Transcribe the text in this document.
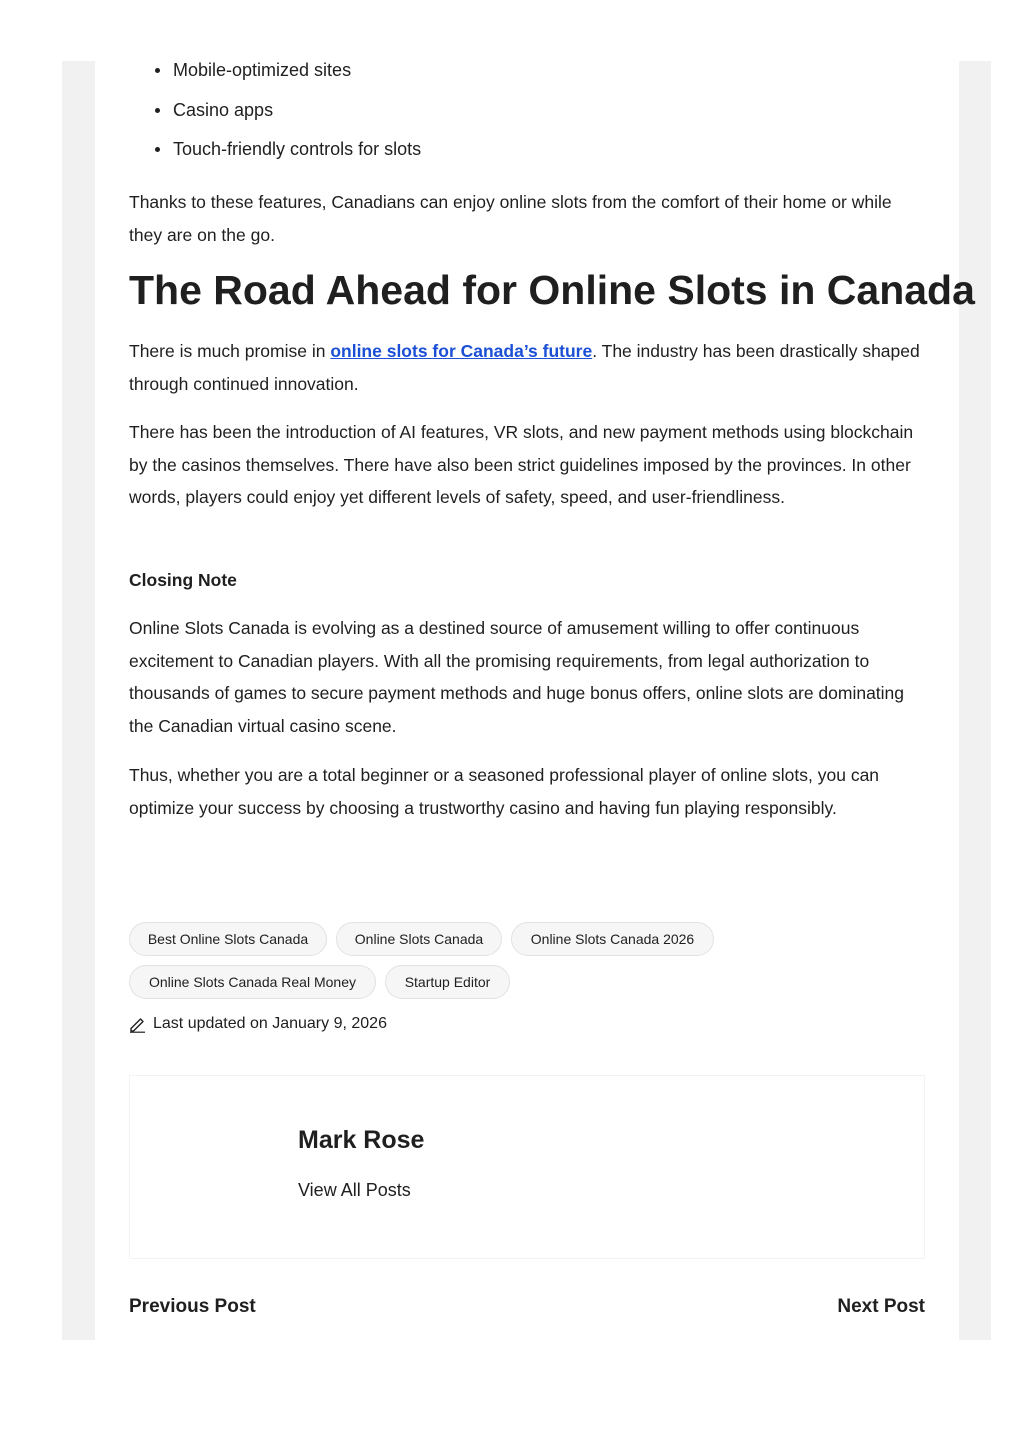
Mobile-optimized sites
Casino apps
Touch-friendly controls for slots

Thanks to these features, Canadians can enjoy online slots from the comfort of their home or while they are on the go.

The Road Ahead for Online Slots in Canada

There is much promise in online slots for Canada’s future. The industry has been drastically shaped through continued innovation.

There has been the introduction of AI features, VR slots, and new payment methods using blockchain by the casinos themselves. There have also been strict guidelines imposed by the provinces. In other words, players could enjoy yet different levels of safety, speed, and user-friendliness.

Closing Note

Online Slots Canada is evolving as a destined source of amusement willing to offer continuous excitement to Canadian players. With all the promising requirements, from legal authorization to thousands of games to secure payment methods and huge bonus offers, online slots are dominating the Canadian virtual casino scene.

Thus, whether you are a total beginner or a seasoned professional player of online slots, you can optimize your success by choosing a trustworthy casino and having fun playing responsibly.

Best Online Slots Canada	Online Slots Canada	Online Slots Canada 2026
Online Slots Canada Real Money	Startup Editor
Last updated on January 9, 2026
Mark Rose
View All Posts
Previous Post	Next Post
